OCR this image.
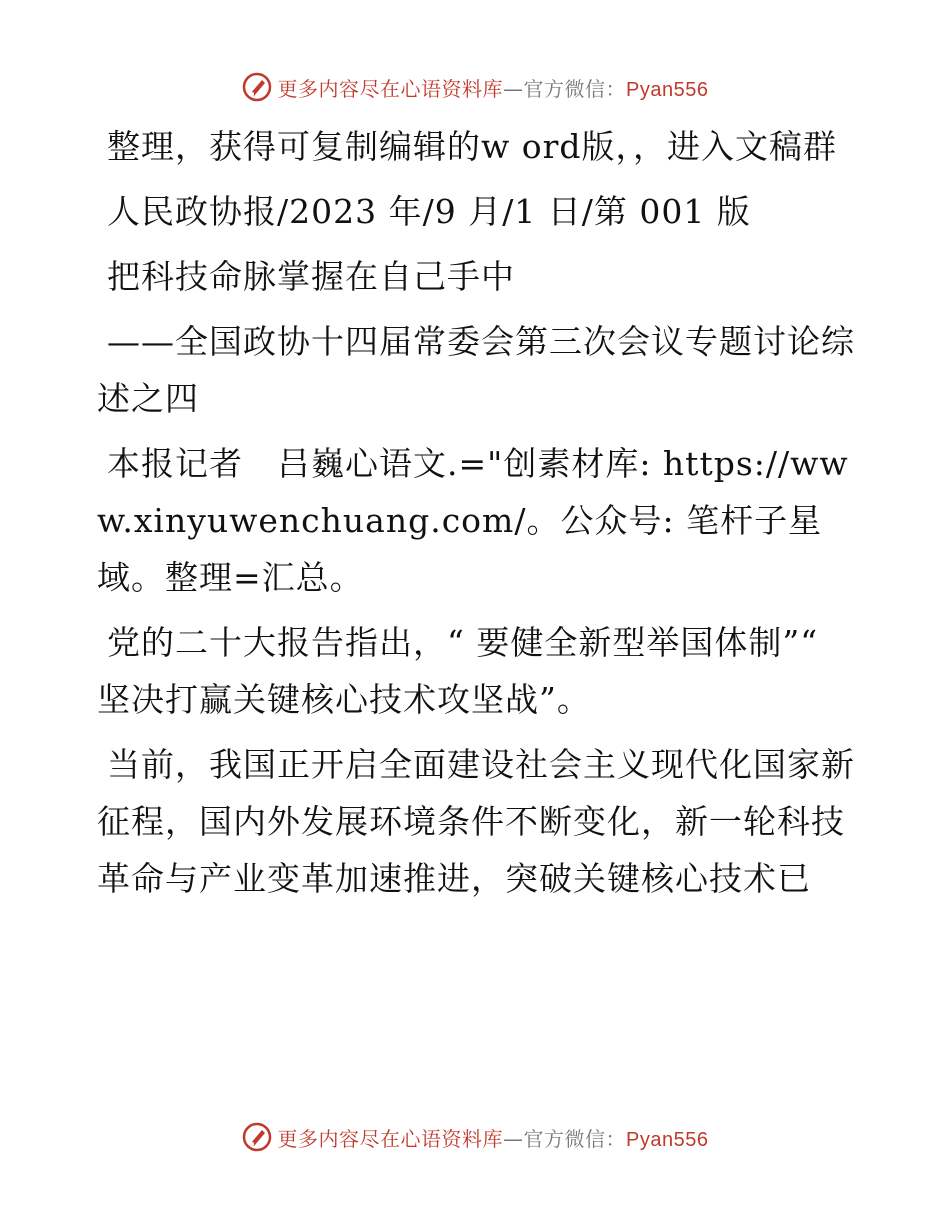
更多内容尽在心语资料库—官方微信：Pyan556

整理，获得可复制编辑的w ord版，，进入文稿群

人民政协报/2023 年/9 月/1 日/第 001 版

把科技命脉掌握在自己手中

——全国政协十四届常委会第三次会议专题讨论综述之四

本报记者　吕巍心语文.="创素材库: https://www.xinyuwenchuang.com/。公众号: 笔杆子星域。整理=汇总。

党的二十大报告指出，“ 要健全新型举国体制”“ 坚决打赢关键核心技术攻坚战”。

当前，我国正开启全面建设社会主义现代化国家新征程，国内外发展环境条件不断变化，新一轮科技革命与产业变革加速推进，突破关键核心技术已

更多内容尽在心语资料库—官方微信：Pyan556
